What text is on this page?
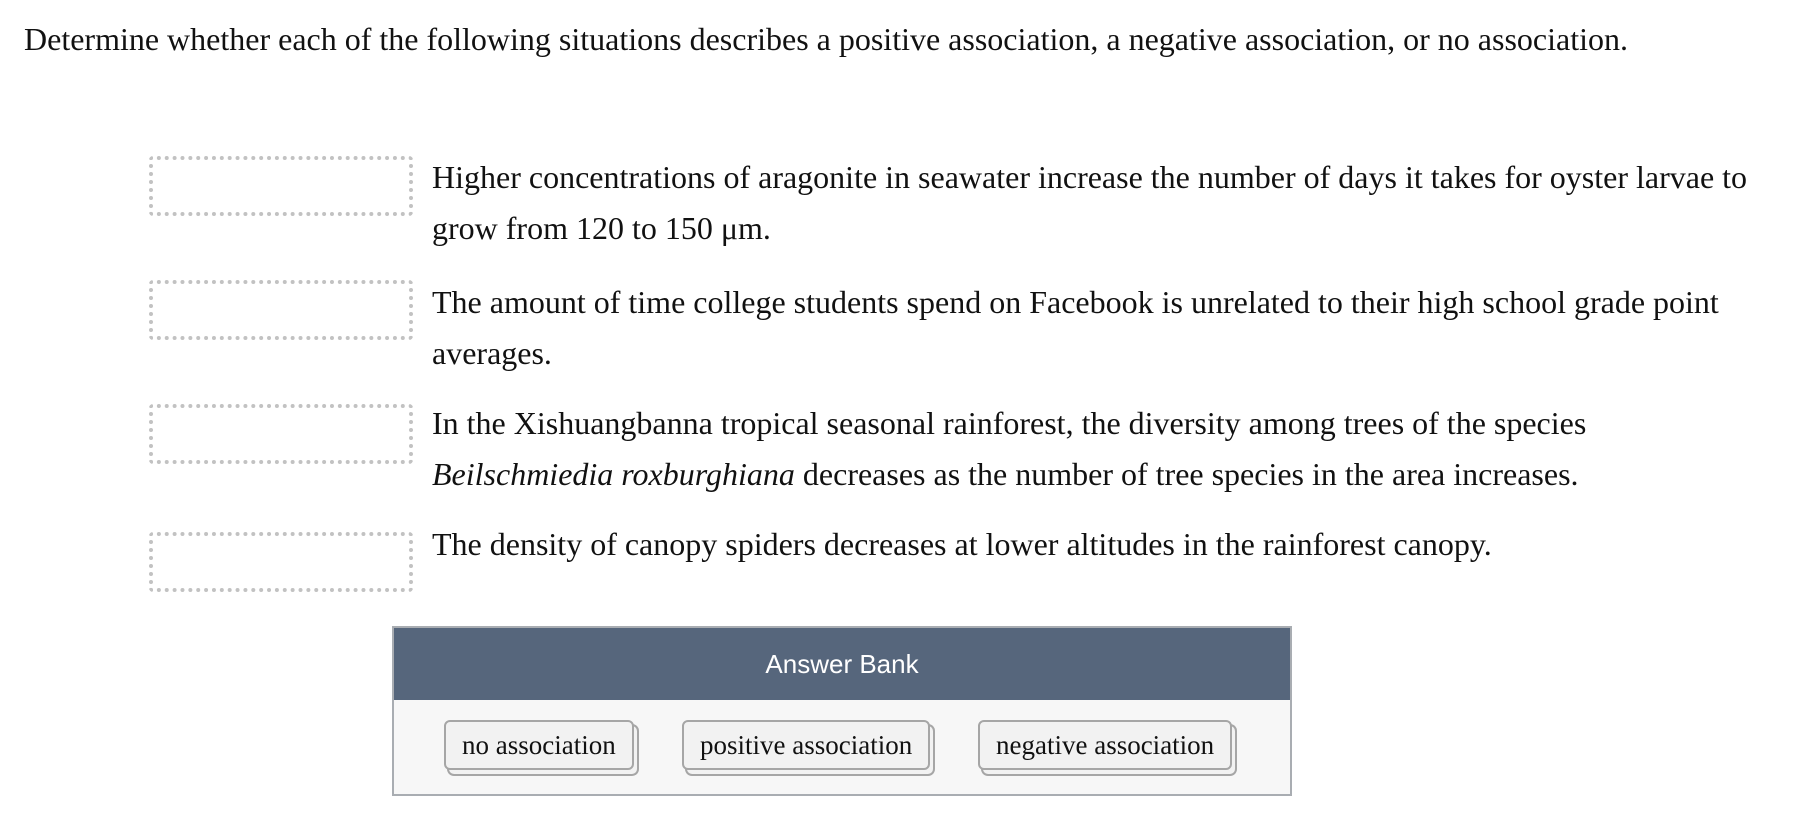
Determine whether each of the following situations describes a positive association, a negative association, or no association.

Higher concentrations of aragonite in seawater increase the number of days it takes for oyster larvae to grow from 120 to 150 μm.

The amount of time college students spend on Facebook is unrelated to their high school grade point averages.

In the Xishuangbanna tropical seasonal rainforest, the diversity among trees of the species Beilschmiedia roxburghiana decreases as the number of tree species in the area increases.

The density of canopy spiders decreases at lower altitudes in the rainforest canopy.

Answer Bank
no association	positive association	negative association
